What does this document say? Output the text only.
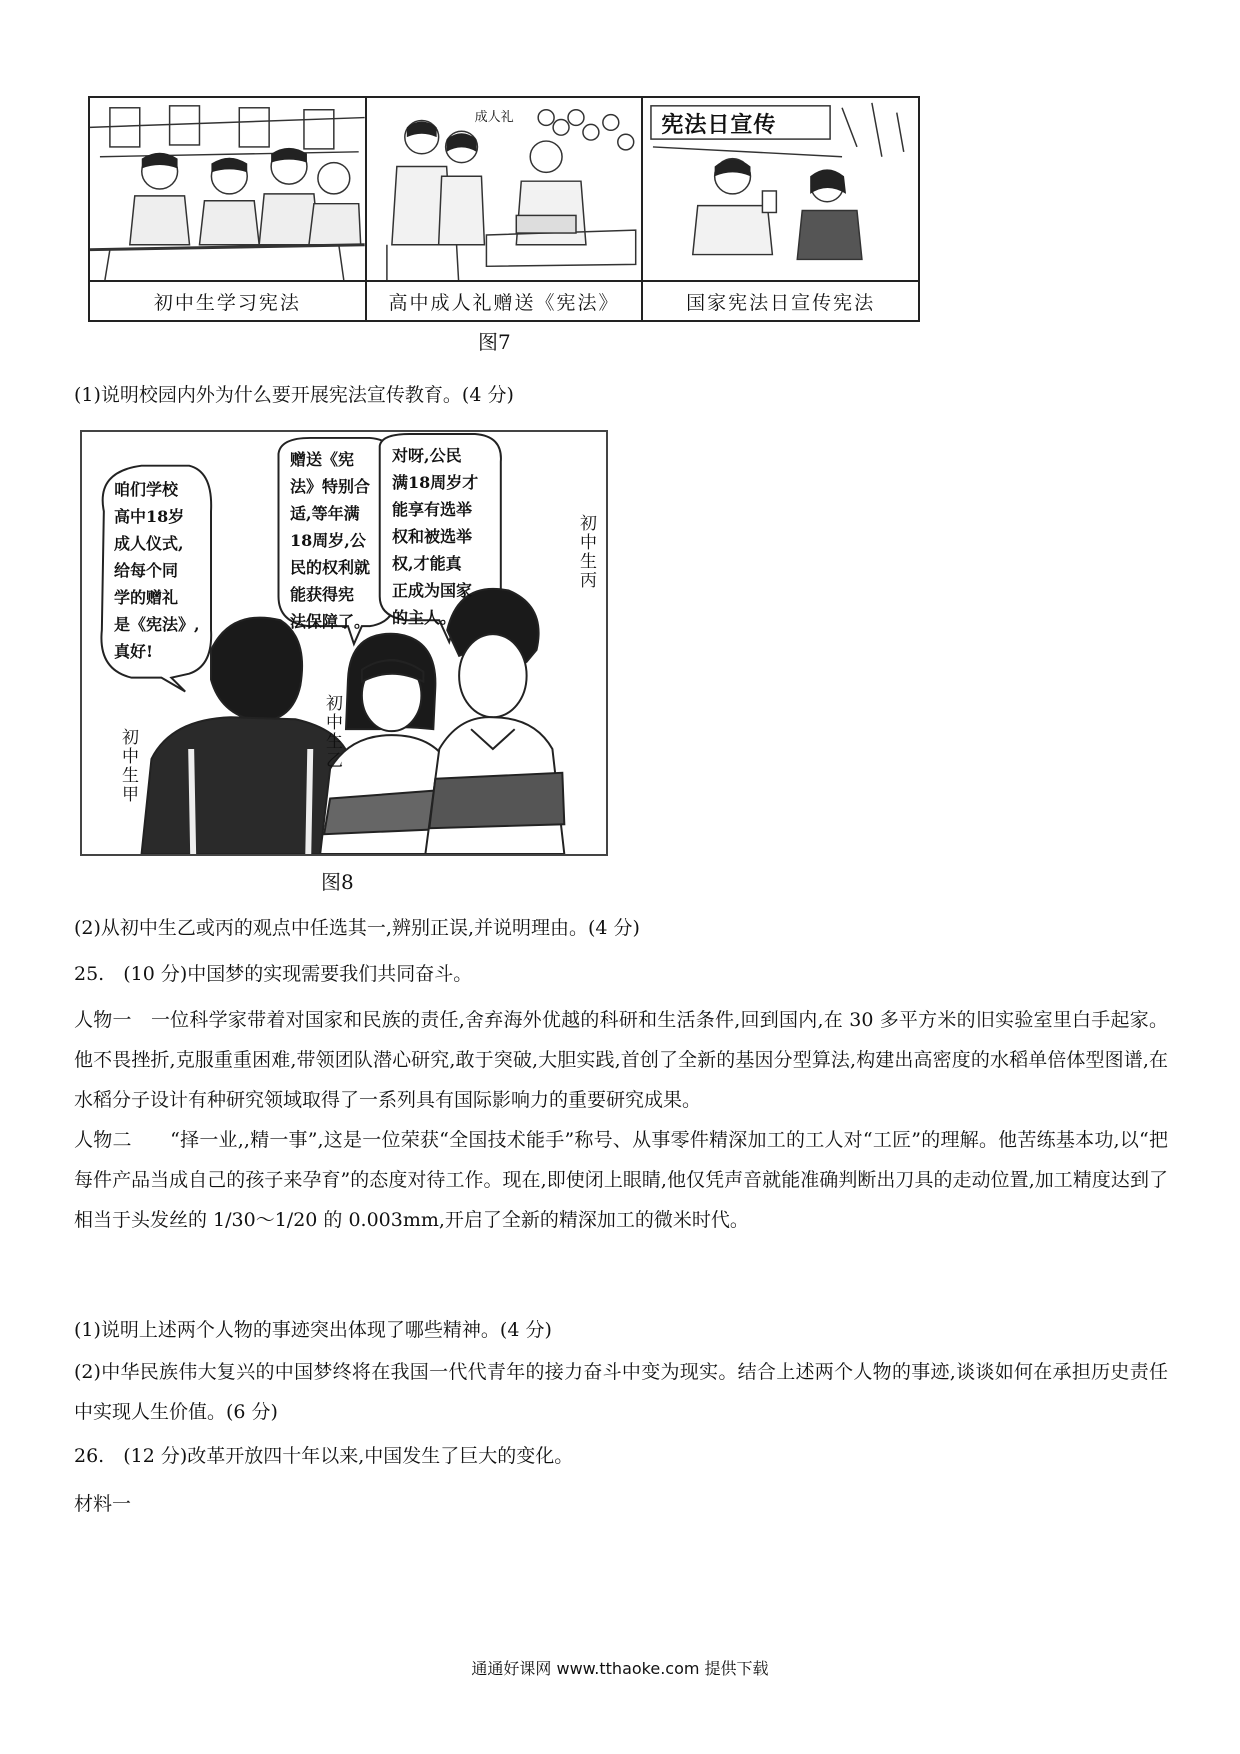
初中生学习宪法
成人礼
高中成人礼赠送《宪法》
宪法日宣传
国家宪法日宣传宪法
图7
(1)说明校园内外为什么要开展宪法宣传教育。(4 分)
咱们学校
高中18岁
成人仪式,
给每个同
学的赠礼
是《宪法》,
真好!
赠送《宪
法》特别合
适,等年满
18周岁,公
民的权利就
能获得宪
法保障了。
对呀,公民
满18周岁才
能享有选举
权和被选举
权,才能真
正成为国家
的主人。
初中生甲	初中生乙
初中生丙
图8
(2)从初中生乙或丙的观点中任选其一,辨别正误,并说明理由。(4 分)
25.　(10 分)中国梦的实现需要我们共同奋斗。
人物一　一位科学家带着对国家和民族的责任,舍弃海外优越的科研和生活条件,回到国内,在 30 多平方米的旧实验室里白手起家。他不畏挫折,克服重重困难,带领团队潜心研究,敢于突破,大胆实践,首创了全新的基因分型算法,构建出高密度的水稻单倍体型图谱,在水稻分子设计有种研究领域取得了一系列具有国际影响力的重要研究成果。
人物二　　“择一业,,精一事”,这是一位荣获“全国技术能手”称号、从事零件精深加工的工人对“工匠”的理解。他苦练基本功,以“把每件产品当成自己的孩子来孕育”的态度对待工作。现在,即使闭上眼睛,他仅凭声音就能准确判断出刀具的走动位置,加工精度达到了相当于头发丝的 1/30～1/20 的 0.003mm,开启了全新的精深加工的微米时代。
(1)说明上述两个人物的事迹突出体现了哪些精神。(4 分)
(2)中华民族伟大复兴的中国梦终将在我国一代代青年的接力奋斗中变为现实。结合上述两个人物的事迹,谈谈如何在承担历史责任中实现人生价值。(6 分)
26.　(12 分)改革开放四十年以来,中国发生了巨大的变化。
材料一
通通好课网 www.tthaoke.com 提供下载
